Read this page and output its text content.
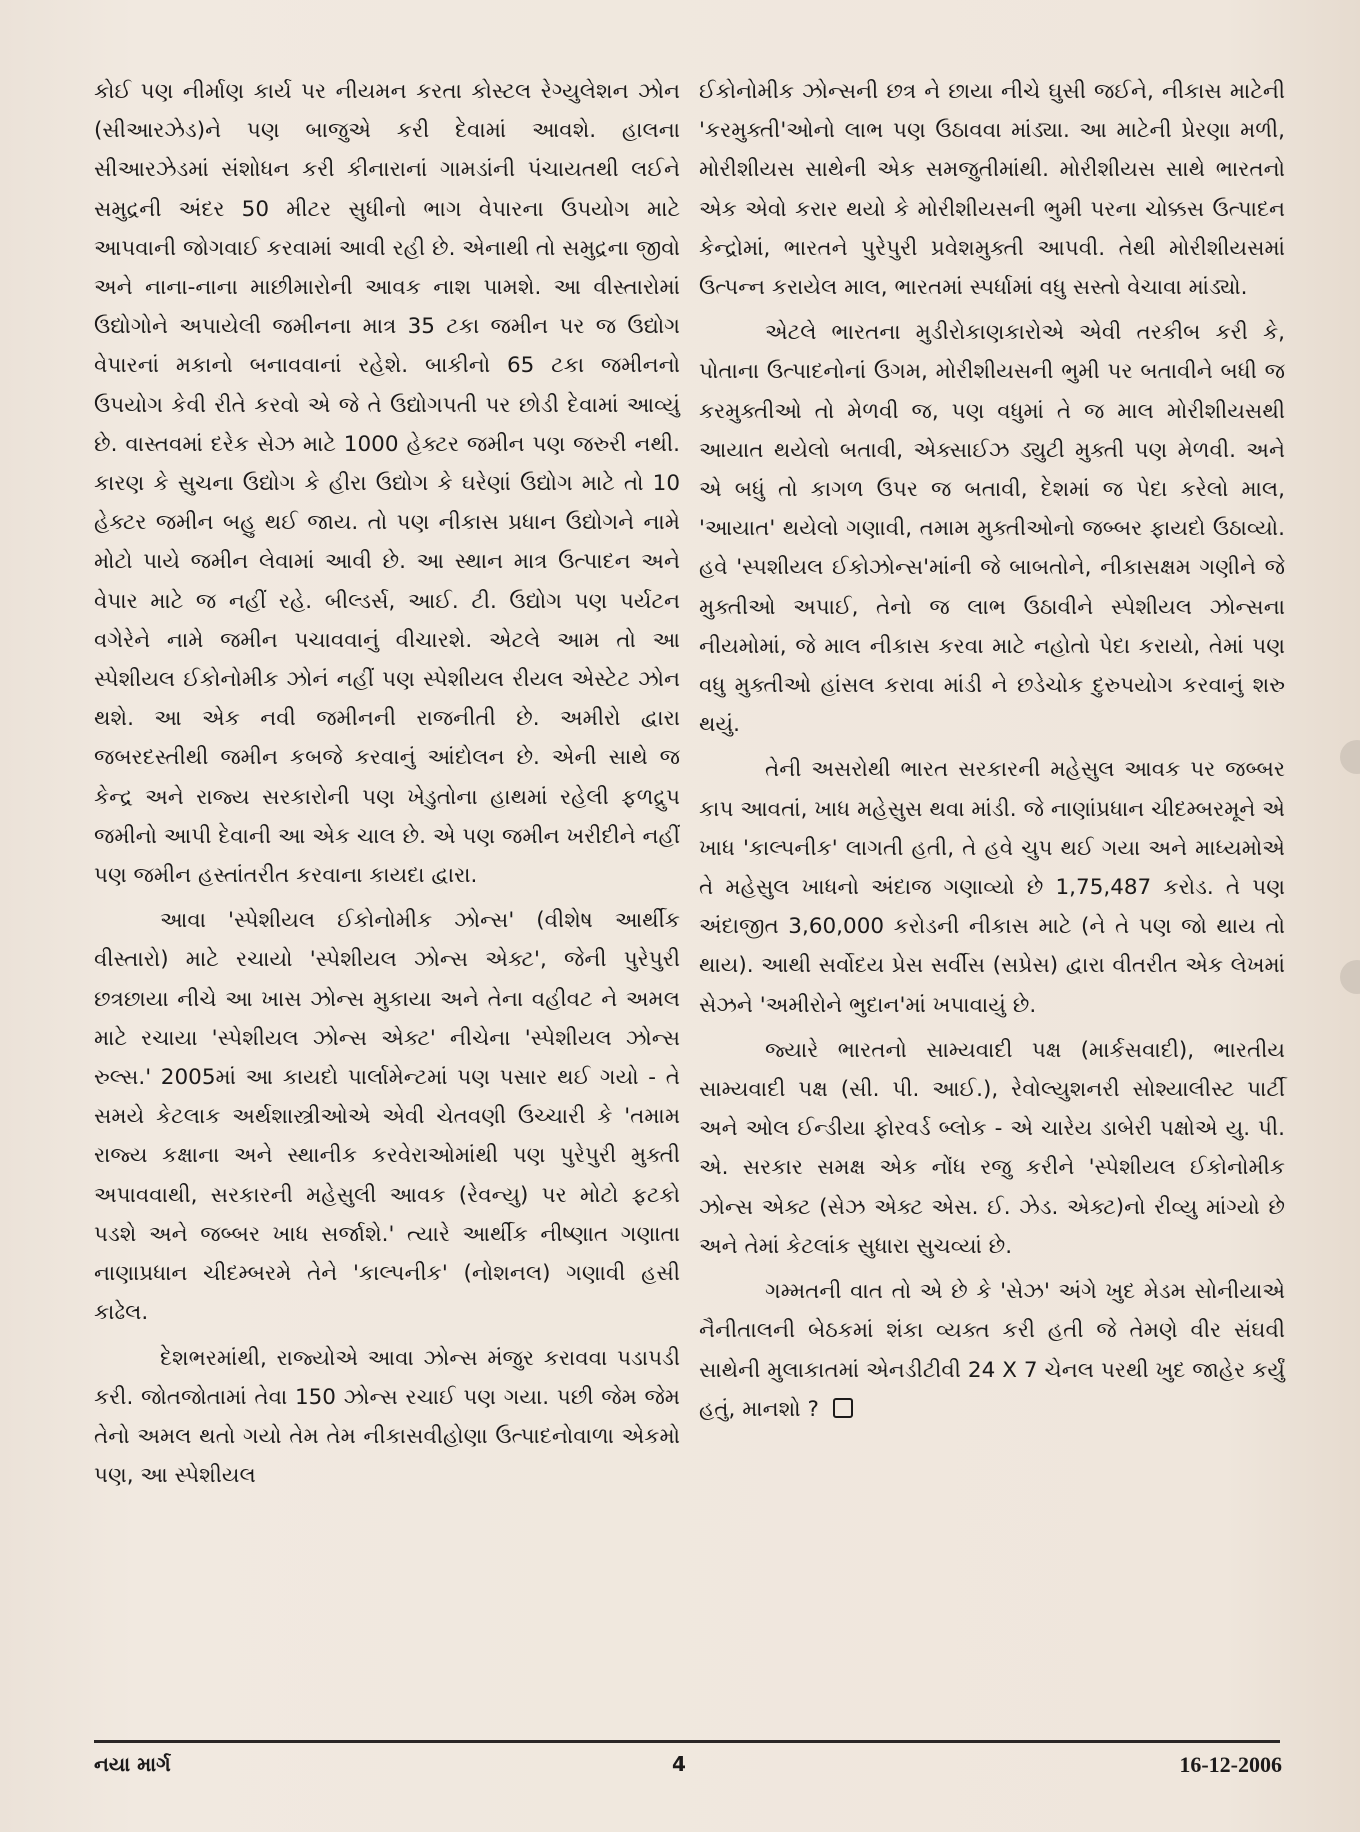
કોઈ પણ નીર્માણ કાર્ય પર નીયમન કરતા કોસ્ટલ રેગ્યુલેશન ઝોન (સીઆરઝેડ)ને પણ બાજુએ કરી દેવામાં આવશે. હાલના સીઆરઝેડમાં સંશોધન કરી કીનારાનાં ગામડાંની પંચાયતથી લઈને સમુદ્રની અંદર 50 મીટર સુધીનો ભાગ વેપારના ઉપયોગ માટે આપવાની જોગવાઈ કરવામાં આવી રહી છે. એનાથી તો સમુદ્રના જીવો અને નાના-નાના માછીમારોની આવક નાશ પામશે. આ વીસ્તારોમાં ઉદ્યોગોને અપાયેલી જમીનના માત્ર 35 ટકા જમીન પર જ ઉદ્યોગ વેપારનાં મકાનો બનાવવાનાં રહેશે. બાકીનો 65 ટકા જમીનનો ઉપયોગ કેવી રીતે કરવો એ જે તે ઉદ્યોગપતી પર છોડી દેવામાં આવ્યું છે. વાસ્તવમાં દરેક સેઝ માટે 1000 હેક્ટર જમીન પણ જરુરી નથી. કારણ કે સુચના ઉદ્યોગ કે હીરા ઉદ્યોગ કે ઘરેણાં ઉદ્યોગ માટે તો 10 હેક્ટર જમીન બહુ થઈ જાય. તો પણ નીકાસ પ્રધાન ઉદ્યોગને નામે મોટો પાયે જમીન લેવામાં આવી છે. આ સ્થાન માત્ર ઉત્પાદન અને વેપાર માટે જ નહીં રહે. બીલ્ડર્સ, આઈ. ટી. ઉદ્યોગ પણ પર્યટન વગેરેને નામે જમીન પચાવવાનું વીચારશે. એટલે આમ તો આ સ્પેશીયલ ઈકોનોમીક ઝોનં નહીં પણ સ્પેશીયલ રીયલ એસ્ટેટ ઝોન થશે. આ એક નવી જમીનની રાજનીતી છે. અમીરો દ્વારા જબરદસ્તીથી જમીન કબજે કરવાનું આંદોલન છે. એની સાથે જ કેન્દ્ર અને રાજ્ય સરકારોની પણ ખેડુતોના હાથમાં રહેલી ફળદ્રુપ જમીનો આપી દેવાની આ એક ચાલ છે. એ પણ જમીન ખરીદીને નહીં પણ જમીન હસ્તાંતરીત કરવાના કાયદા દ્વારા.

આવા 'સ્પેશીયલ ઈકોનોમીક ઝોન્સ' (વીશેષ આર્થીક વીસ્તારો) માટે રચાયો 'સ્પેશીયલ ઝોન્સ એક્ટ', જેની પુરેપુરી છત્રછાયા નીચે આ ખાસ ઝોન્સ મુકાયા અને તેના વહીવટ ને અમલ માટે રચાયા 'સ્પેશીયલ ઝોન્સ એક્ટ' નીચેના 'સ્પેશીયલ ઝોન્સ રુલ્સ.' 2005માં આ કાયદો પાર્લામેન્ટમાં પણ પસાર થઈ ગયો - તે સમયે કેટલાક અર્થશાસ્ત્રીઓએ એવી ચેતવણી ઉચ્ચારી કે 'તમામ રાજ્ય કક્ષાના અને સ્થાનીક કરવેરાઓમાંથી પણ પુરેપુરી મુક્તી અપાવવાથી, સરકારની મહેસુલી આવક (રેવન્યુ) પર મોટો ફટકો પડશે અને જબ્બર ખાધ સર્જાશે.' ત્યારે આર્થીક નીષ્ણાત ગણાતા નાણાપ્રધાન ચીદમ્બરમે તેને 'કાલ્પનીક' (નોશનલ) ગણાવી હસી કાઢેલ.

દેશભરમાંથી, રાજ્યોએ આવા ઝોન્સ મંજુર કરાવવા પડાપડી કરી. જોતજોતામાં તેવા 150 ઝોન્સ રચાઈ પણ ગયા. પછી જેમ જેમ તેનો અમલ થતો ગયો તેમ તેમ નીકાસવીહોણા ઉત્પાદનોવાળા એકમો પણ, આ સ્પેશીયલ

ઈકોનોમીક ઝોન્સની છત્ર ને છાયા નીચે ઘુસી જઈને, નીકાસ માટેની 'કરમુક્તી'ઓનો લાભ પણ ઉઠાવવા માંડ્યા. આ માટેની પ્રેરણા મળી, મોરીશીયસ સાથેની એક સમજુતીમાંથી. મોરીશીયસ સાથે ભારતનો એક એવો કરાર થયો કે મોરીશીયસની ભુમી પરના ચોક્કસ ઉત્પાદન કેન્દ્રોમાં, ભારતને પુરેપુરી પ્રવેશમુક્તી આપવી. તેથી મોરીશીયસમાં ઉત્પન્ન કરાયેલ માલ, ભારતમાં સ્પર્ધામાં વધુ સસ્તો વેચાવા માંડ્યો.

એટલે ભારતના મુડીરોકાણકારોએ એવી તરકીબ કરી કે, પોતાના ઉત્પાદનોનાં ઉગમ, મોરીશીયસની ભુમી પર બતાવીને બધી જ કરમુક્તીઓ તો મેળવી જ, પણ વધુમાં તે જ માલ મોરીશીયસથી આયાત થયેલો બતાવી, એક્સાઈઝ ડ્યુટી મુક્તી પણ મેળવી. અને એ બધું તો કાગળ ઉપર જ બતાવી, દેશમાં જ પેદા કરેલો માલ, 'આયાત' થયેલો ગણાવી, તમામ મુક્તીઓનો જબ્બર ફાયદો ઉઠાવ્યો. હવે 'સ્પશીયલ ઈકોઝોન્સ'માંની જે બાબતોને, નીકાસક્ષમ ગણીને જે મુક્તીઓ અપાઈ, તેનો જ લાભ ઉઠાવીને સ્પેશીયલ ઝોન્સના નીયમોમાં, જે માલ નીકાસ કરવા માટે નહોતો પેદા કરાયો, તેમાં પણ વધુ મુક્તીઓ હાંસલ કરાવા માંડી ને છડેચોક દુરુપયોગ કરવાનું શરુ થયું.

તેની અસરોથી ભારત સરકારની મહેસુલ આવક પર જબ્બર કાપ આવતાં, ખાધ મહેસુસ થવા માંડી. જે નાણાંપ્રધાન ચીદમ્બરમૂને એ ખાધ 'કાલ્પનીક' લાગતી હતી, તે હવે ચુપ થઈ ગયા અને માધ્યમોએ તે મહેસુલ ખાધનો અંદાજ ગણાવ્યો છે 1,75,487 કરોડ. તે પણ અંદાજીત 3,60,000 કરોડની નીકાસ માટે (ને તે પણ જો થાય તો થાય). આથી સર્વોદય પ્રેસ સર્વીસ (સપ્રેસ) દ્વારા વીતરીત એક લેખમાં સેઝને 'અમીરોને ભુદાન'માં ખપાવાયું છે.

જ્યારે ભારતનો સામ્યવાદી પક્ષ (માર્કસવાદી), ભારતીય સામ્યવાદી પક્ષ (સી. પી. આઈ.), રેવોલ્યુશનરી સોશ્યાલીસ્ટ પાર્ટી અને ઓલ ઈન્ડીયા ફોરવર્ડ બ્લોક - એ ચારેય ડાબેરી પક્ષોએ યુ. પી. એ. સરકાર સમક્ષ એક નોંધ રજુ કરીને 'સ્પેશીયલ ઈકોનોમીક ઝોન્સ એક્ટ (સેઝ એક્ટ એસ. ઈ. ઝેડ. એક્ટ)નો રીવ્યુ માંગ્યો છે અને તેમાં કેટલાંક સુધારા સુચવ્યાં છે.

ગમ્મતની વાત તો એ છે કે 'સેઝ' અંગે ખુદ મેડમ સોનીયાએ નૈનીતાલની બેઠકમાં શંકા વ્યક્ત કરી હતી જે તેમણે વીર સંઘવી સાથેની મુલાકાતમાં એનડીટીવી 24 X 7 ચેનલ પરથી ખુદ જાહેર કર્યું હતું, માનશો ?

નયા માર્ગ	4	16-12-2006
